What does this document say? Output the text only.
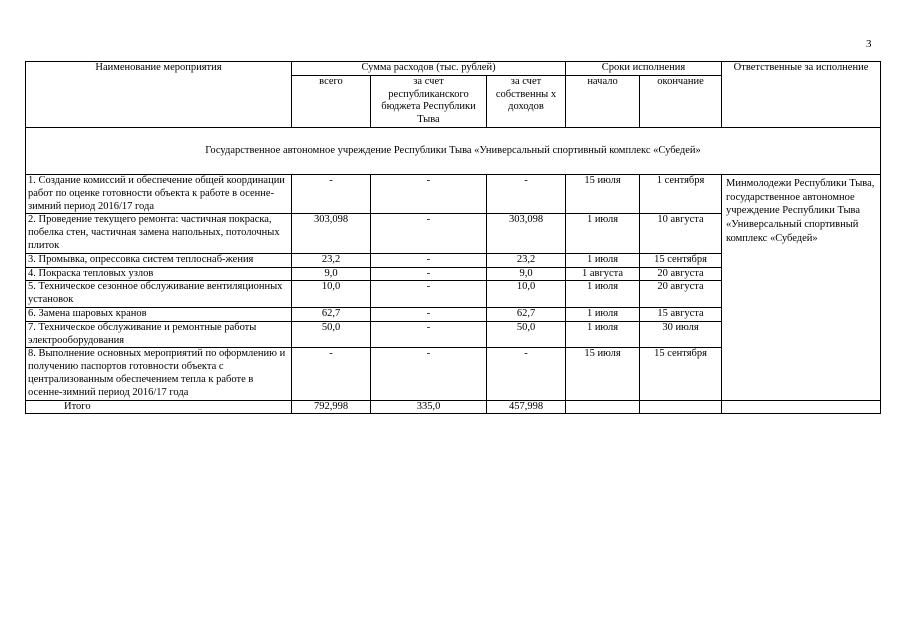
3
Наименование мероприятия	Сумма расходов (тыс. рублей)			Сроки исполнения		Ответственные за исполнение
	всего	за счет республиканского бюджета Республики Тыва	за счет собственны х доходов	начало	окончание	
Государственное автономное учреждение Республики Тыва «Универсальный спортивный комплекс «Субедей»						
1. Создание комиссий и обеспечение общей координации работ по оценке готовности объекта к работе в осенне-зимний период 2016/17 года	-	-	-	15 июля	1 сентября	Минмолодежи Республики Тыва, государственное автономное учреждение Республики Тыва «Универсальный спортивный комплекс «Субедей»
2. Проведение текущего ремонта: частичная покраска, побелка стен, частичная замена напольных, потолочных плиток	303,098	-	303,098	1 июля	10 августа	
3. Промывка, опрессовка систем теплоснаб-жения	23,2	-	23,2	1 июля	15 сентября	
4. Покраска тепловых узлов	9,0	-	9,0	1 августа	20 августа	
5. Техническое сезонное обслуживание вентиляционных установок	10,0	-	10,0	1 июля	20 августа	
6. Замена шаровых кранов	62,7	-	62,7	1 июля	15 августа	
7. Техническое обслуживание и ремонтные работы электрооборудования	50,0	-	50,0	1 июля	30 июля	
8. Выполнение основных мероприятий по оформлению и получению паспортов готовности объекта с централизованным обеспечением тепла к работе в осенне-зимний период 2016/17 года	-	-	-	15 июля	15 сентября	
Итого	792,998	335,0	457,998			
